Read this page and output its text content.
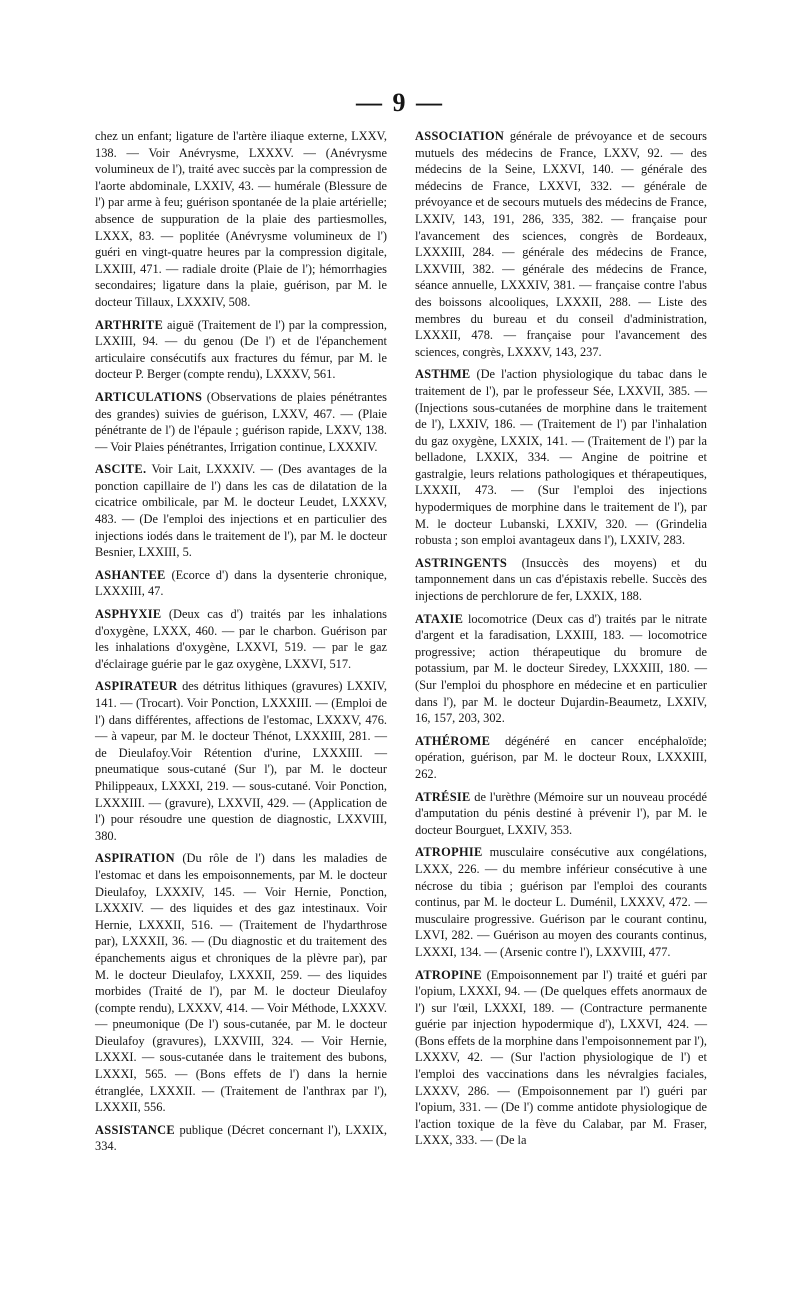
— 9 —

chez un enfant; ligature de l'artère iliaque externe, LXXV, 138. — Voir Anévrysme, LXXXV. — (Anévrysme volumineux de l'), traité avec succès par la compression de l'aorte abdominale, LXXIV, 43. — humérale (Blessure de l') par arme à feu; guérison spontanée de la plaie artérielle; absence de suppuration de la plaie des partiesmolles, LXXX, 83. — poplitée (Anévrysme volumineux de l') guéri en vingt-quatre heures par la compression digitale, LXXIII, 471. — radiale droite (Plaie de l'); hémorrhagies secondaires; ligature dans la plaie, guérison, par M. le docteur Tillaux, LXXXIV, 508.

ARTHRITE aiguë (Traitement de l') par la compression, LXXIII, 94. — du genou (De l') et de l'épanchement articulaire consécutifs aux fractures du fémur, par M. le docteur P. Berger (compte rendu), LXXXV, 561.

ARTICULATIONS (Observations de plaies pénétrantes des grandes) suivies de guérison, LXXV, 467. — (Plaie pénétrante de l') de l'épaule ; guérison rapide, LXXV, 138. — Voir Plaies pénétrantes, Irrigation continue, LXXXIV.

ASCITE. Voir Lait, LXXXIV. — (Des avantages de la ponction capillaire de l') dans les cas de dilatation de la cicatrice ombilicale, par M. le docteur Leudet, LXXXV, 483. — (De l'emploi des injections et en particulier des injections iodés dans le traitement de l'), par M. le docteur Besnier, LXXIII, 5.

ASHANTEE (Ecorce d') dans la dysenterie chronique, LXXXIII, 47.

ASPHYXIE (Deux cas d') traités par les inhalations d'oxygène, LXXX, 460. — par le charbon. Guérison par les inhalations d'oxygène, LXXVI, 519. — par le gaz d'éclairage guérie par le gaz oxygène, LXXVI, 517.

ASPIRATEUR des détritus lithiques (gravures) LXXIV, 141. — (Trocart). Voir Ponction, LXXXIII. — (Emploi de l') dans différentes, affections de l'estomac, LXXXV, 476. — à vapeur, par M. le docteur Thénot, LXXXIII, 281. — de Dieulafoy.Voir Rétention d'urine, LXXXIII. — pneumatique sous-cutané (Sur l'), par M. le docteur Philippeaux, LXXXI, 219. — sous-cutané. Voir Ponction, LXXXIII. — (gravure), LXXVII, 429. — (Application de l') pour résoudre une question de diagnostic, LXXVIII, 380.

ASPIRATION (Du rôle de l') dans les maladies de l'estomac et dans les empoisonnements, par M. le docteur Dieulafoy, LXXXIV, 145. — Voir Hernie, Ponction, LXXXIV. — des liquides et des gaz intestinaux. Voir Hernie, LXXXII, 516. — (Traitement de l'hydarthrose par), LXXXII, 36. — (Du diagnostic et du traitement des épanchements aigus et chroniques de la plèvre par), par M. le docteur Dieulafoy, LXXXII, 259. — des liquides morbides (Traité de l'), par M. le docteur Dieulafoy (compte rendu), LXXXV, 414. — Voir Méthode, LXXXV. — pneumonique (De l') sous-cutanée, par M. le docteur Dieulafoy (gravures), LXXVIII, 324. — Voir Hernie, LXXXI. — sous-cutanée dans le traitement des bubons, LXXXI, 565. — (Bons effets de l') dans la hernie étranglée, LXXXII. — (Traitement de l'anthrax par l'), LXXXII, 556.

ASSISTANCE publique (Décret concernant l'), LXXIX, 334.

ASSOCIATION générale de prévoyance et de secours mutuels des médecins de France, LXXV, 92. — des médecins de la Seine, LXXVI, 140. — générale des médecins de France, LXXVI, 332. — générale de prévoyance et de secours mutuels des médecins de France, LXXIV, 143, 191, 286, 335, 382. — française pour l'avancement des sciences, congrès de Bordeaux, LXXXIII, 284. — générale des médecins de France, LXXVIII, 382. — générale des médecins de France, séance annuelle, LXXXIV, 381. — française contre l'abus des boissons alcooliques, LXXXII, 288. — Liste des membres du bureau et du conseil d'administration, LXXXII, 478. — française pour l'avancement des sciences, congrès, LXXXV, 143, 237.

ASTHME (De l'action physiologique du tabac dans le traitement de l'), par le professeur Sée, LXXVII, 385. — (Injections sous-cutanées de morphine dans le traitement de l'), LXXIV, 186. — (Traitement de l') par l'inhalation du gaz oxygène, LXXIX, 141. — (Traitement de l') par la belladone, LXXIX, 334. — Angine de poitrine et gastralgie, leurs relations pathologiques et thérapeutiques, LXXXII, 473. — (Sur l'emploi des injections hypodermiques de morphine dans le traitement de l'), par M. le docteur Lubanski, LXXIV, 320. — (Grindelia robusta ; son emploi avantageux dans l'), LXXIV, 283.

ASTRINGENTS (Insuccès des moyens) et du tamponnement dans un cas d'épistaxis rebelle. Succès des injections de perchlorure de fer, LXXIX, 188.

ATAXIE locomotrice (Deux cas d') traités par le nitrate d'argent et la faradisation, LXXIII, 183. — locomotrice progressive; action thérapeutique du bromure de potassium, par M. le docteur Siredey, LXXXIII, 180. — (Sur l'emploi du phosphore en médecine et en particulier dans l'), par M. le docteur Dujardin-Beaumetz, LXXIV, 16, 157, 203, 302.

ATHÉROME dégénéré en cancer encéphaloïde; opération, guérison, par M. le docteur Roux, LXXXIII, 262.

ATRÉSIE de l'urèthre (Mémoire sur un nouveau procédé d'amputation du pénis destiné à prévenir l'), par M. le docteur Bourguet, LXXIV, 353.

ATROPHIE musculaire consécutive aux congélations, LXXX, 226. — du membre inférieur consécutive à une nécrose du tibia ; guérison par l'emploi des courants continus, par M. le docteur L. Duménil, LXXXV, 472. — musculaire progressive. Guérison par le courant continu, LXVI, 282. — Guérison au moyen des courants continus, LXXXI, 134. — (Arsenic contre l'), LXXVIII, 477.

ATROPINE (Empoisonnement par l') traité et guéri par l'opium, LXXXI, 94. — (De quelques effets anormaux de l') sur l'œil, LXXXI, 189. — (Contracture permanente guérie par injection hypodermique d'), LXXVI, 424. — (Bons effets de la morphine dans l'empoisonnement par l'), LXXXV, 42. — (Sur l'action physiologique de l') et l'emploi des vaccinations dans les névralgies faciales, LXXXV, 286. — (Empoisonnement par l') guéri par l'opium, 331. — (De l') comme antidote physiologique de l'action toxique de la fève du Calabar, par M. Fraser, LXXX, 333. — (De la
